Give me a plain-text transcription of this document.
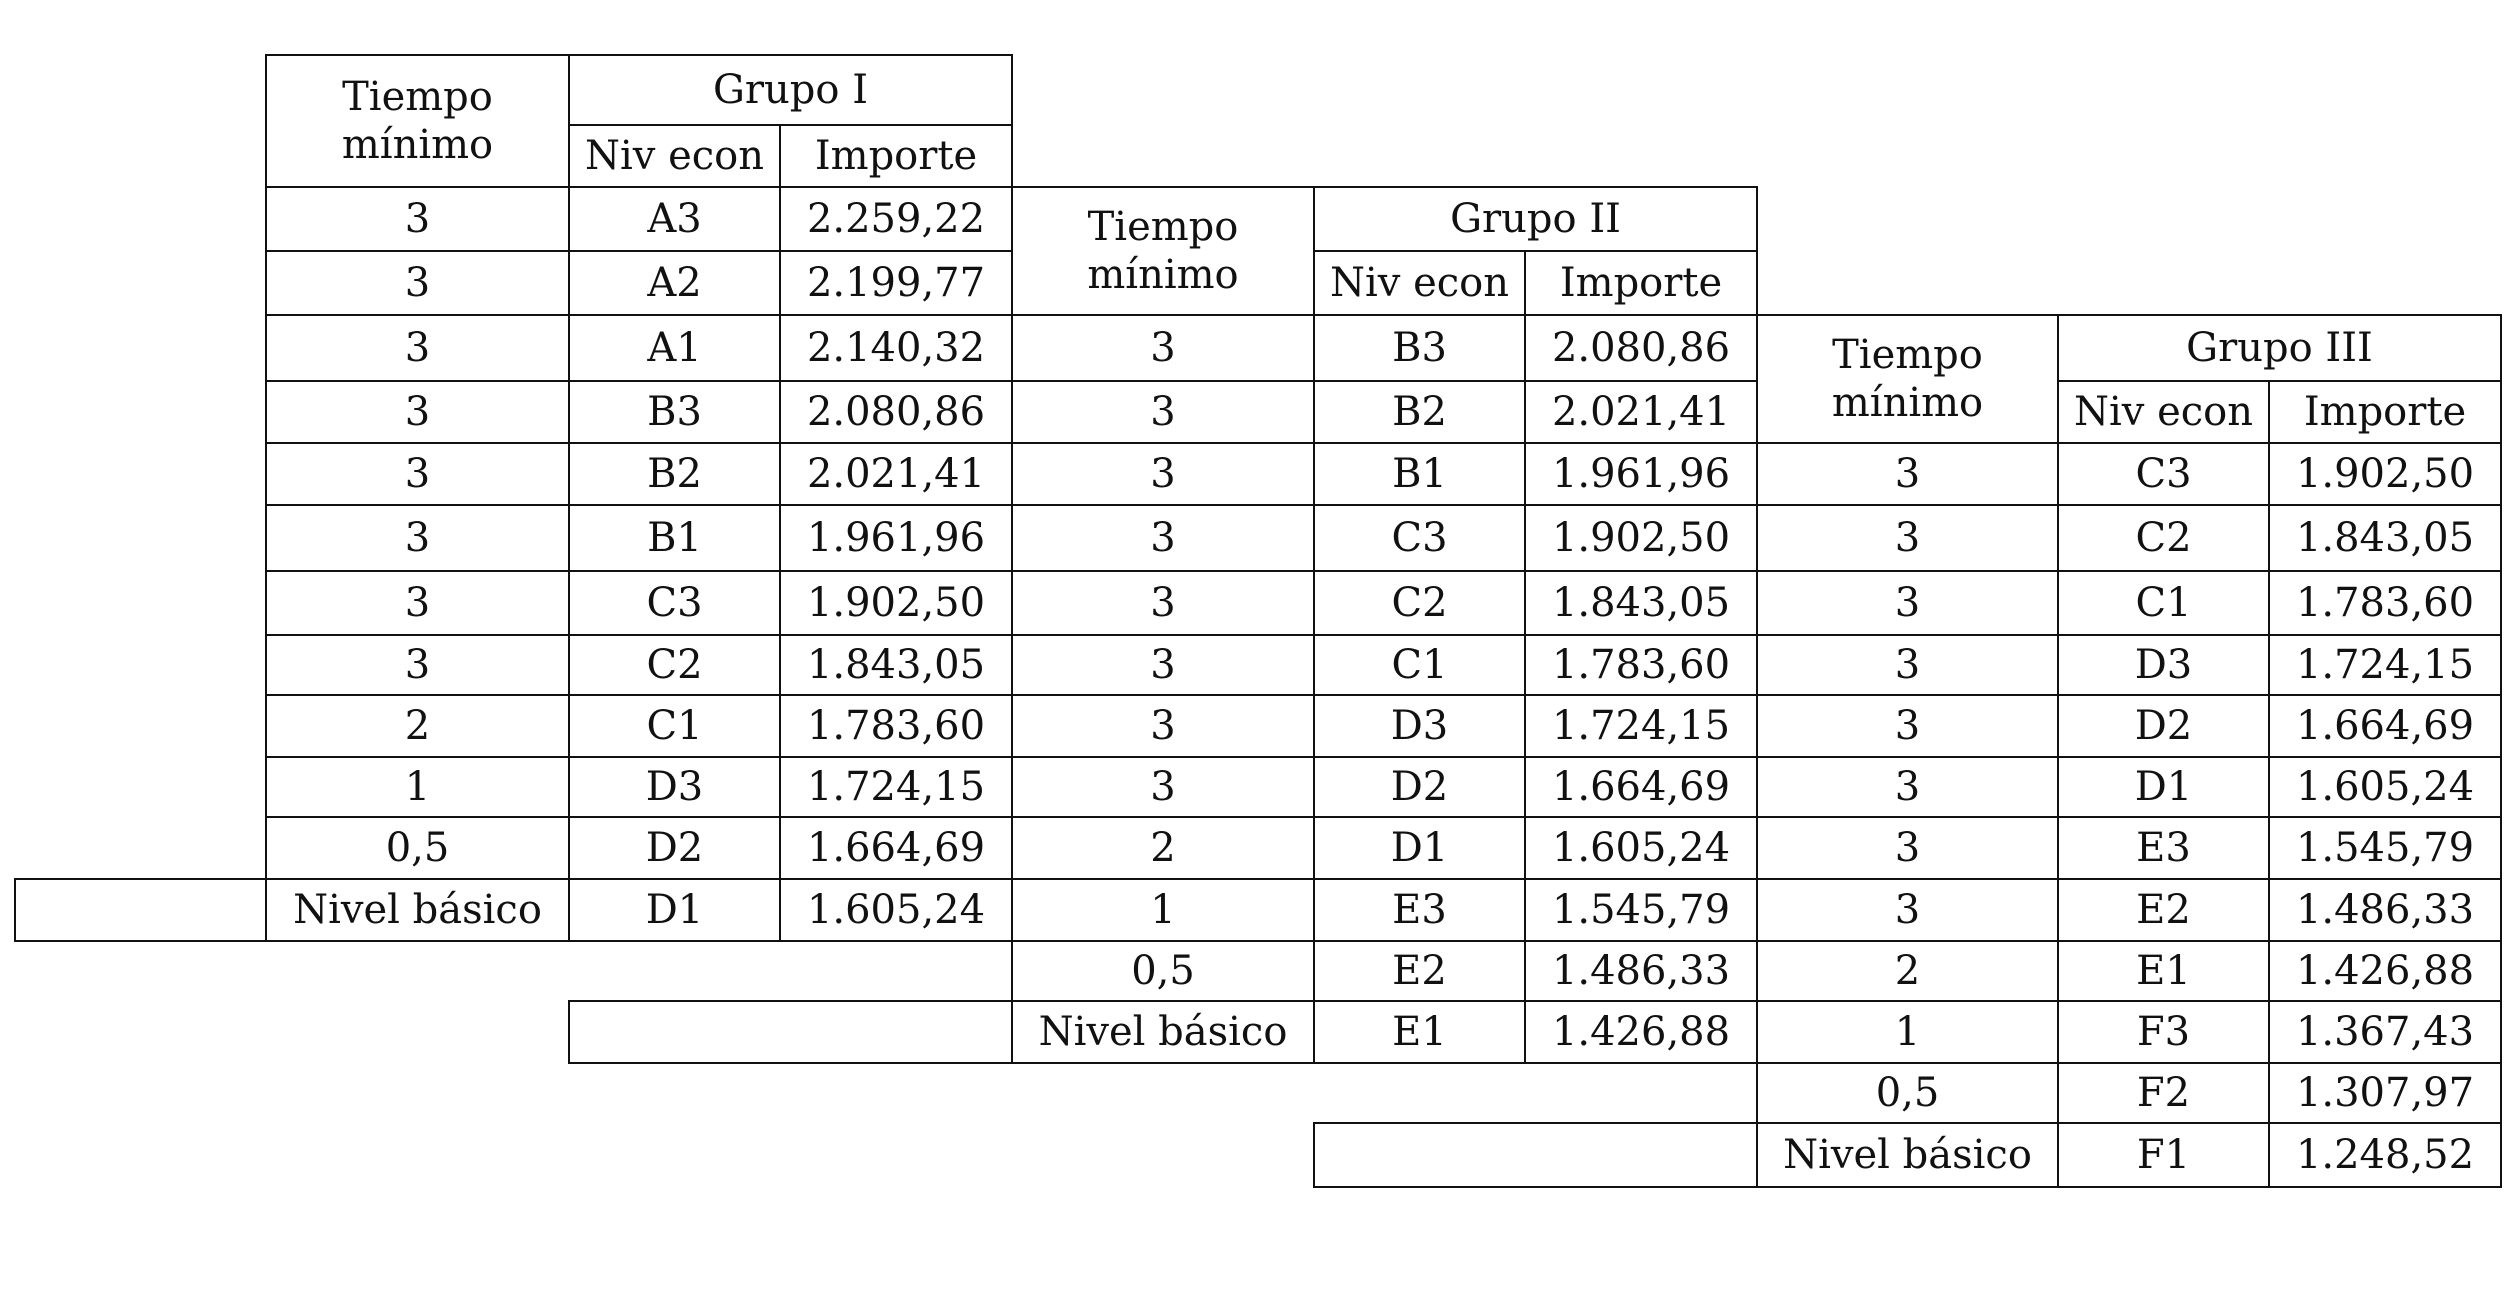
Tiempo
mínimo
Grupo I
Niv econ Importe
3	A3	2.259,22
3	A2	2.199,77
3	A1	2.140,32
3	B3	2.080,86
3	B2	2.021,41
3	B1	1.961,96
3	C3	1.902,50
3	C2	1.843,05
2	C1	1.783,60
1	D3	1.724,15
0,5	D2	1.664,69
Nivel básico	D1	1.605,24
Tiempo
mínimo
Grupo II
Niv econ Importe
3	B3	2.080,86
3	B2	2.021,41
3	B1	1.961,96
3	C3	1.902,50
3	C2	1.843,05
3	C1	1.783,60
3	D3	1.724,15
3	D2	1.664,69
2	D1	1.605,24
1	E3	1.545,79
0,5	E2	1.486,33
Nivel básico	E1	1.426,88
Tiempo
mínimo
Grupo III
Niv econ Importe
3	C3	1.902,50
3	C2	1.843,05
3	C1	1.783,60
3	D3	1.724,15
3	D2	1.664,69
3	D1	1.605,24
3	E3	1.545,79
3	E2	1.486,33
2	E1	1.426,88
1	F3	1.367,43
0,5	F2	1.307,97
Nivel básico	F1	1.248,52
